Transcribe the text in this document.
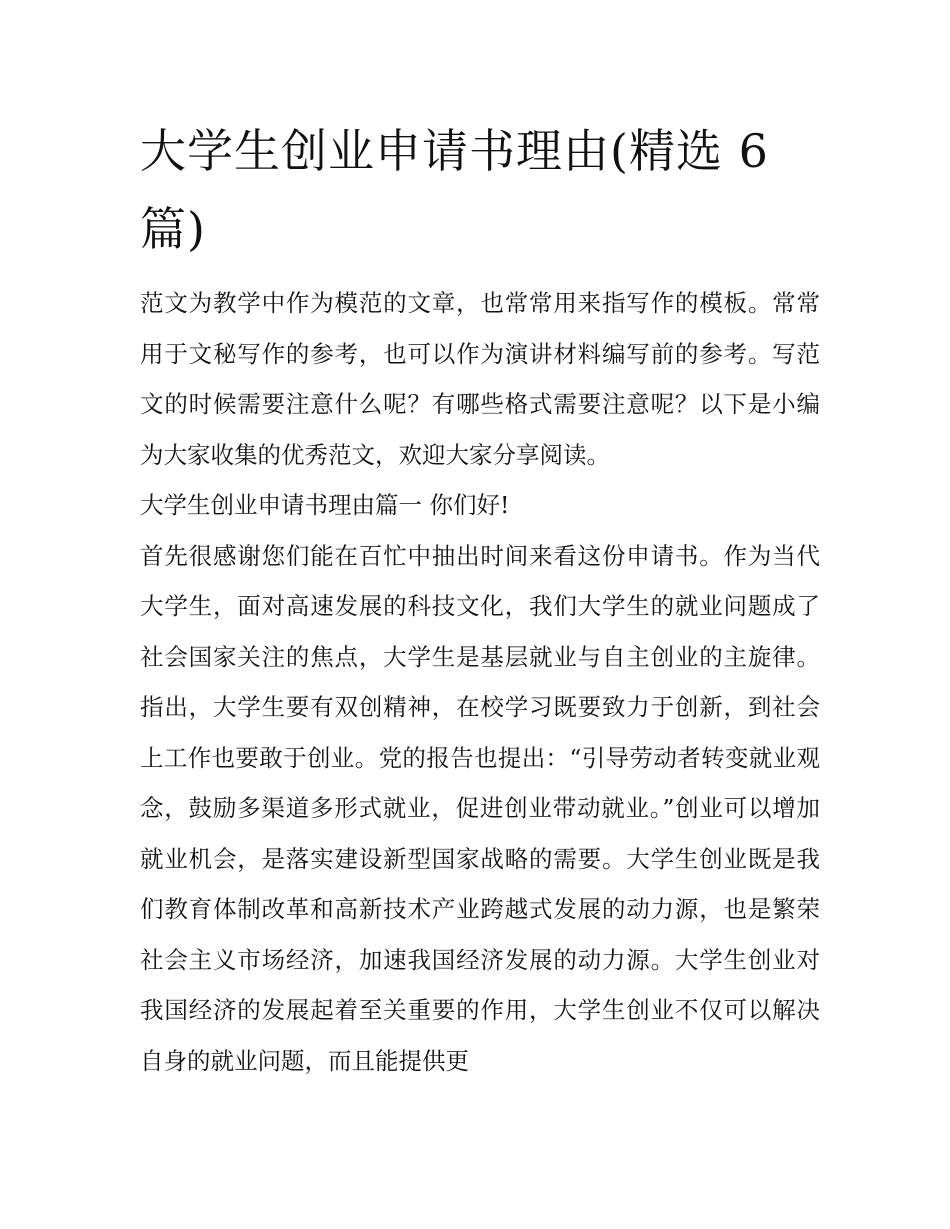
大学生创业申请书理由(精选 6 篇)

范文为教学中作为模范的文章，也常常用来指写作的模板。常常用于文秘写作的参考，也可以作为演讲材料编写前的参考。写范文的时候需要注意什么呢？有哪些格式需要注意呢？以下是小编为大家收集的优秀范文，欢迎大家分享阅读。

大学生创业申请书理由篇一 你们好!

首先很感谢您们能在百忙中抽出时间来看这份申请书。作为当代大学生，面对高速发展的科技文化，我们大学生的就业问题成了社会国家关注的焦点，大学生是基层就业与自主创业的主旋律。指出，大学生要有双创精神，在校学习既要致力于创新，到社会上工作也要敢于创业。党的报告也提出：“引导劳动者转变就业观念，鼓励多渠道多形式就业，促进创业带动就业。”创业可以增加就业机会，是落实建设新型国家战略的需要。大学生创业既是我们教育体制改革和高新技术产业跨越式发展的动力源，也是繁荣社会主义市场经济，加速我国经济发展的动力源。大学生创业对我国经济的发展起着至关重要的作用，大学生创业不仅可以解决自身的就业问题，而且能提供更
